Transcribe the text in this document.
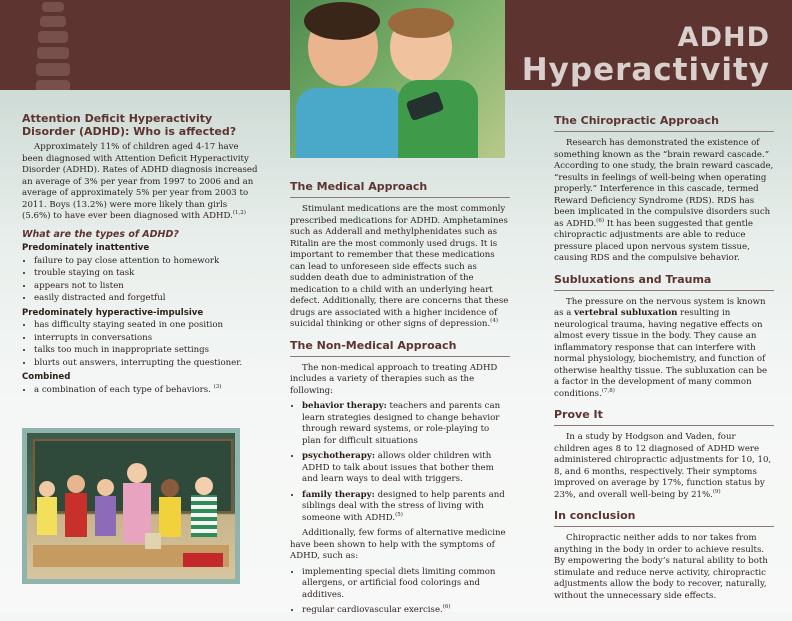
ADHD
Hyperactivity
Attention Deficit Hyperactivity Disorder (ADHD): Who is affected?

Approximately 11% of children aged 4-17 have been diagnosed with Attention Deficit Hyperactivity Disorder (ADHD). Rates of ADHD diagnosis increased an average of 3% per year from 1997 to 2006 and an average of approximately 5% per year from 2003 to 2011. Boys (13.2%) were more likely than girls (5.6%) to have ever been diagnosed with ADHD.$^{(1,2)}$

What are the types of ADHD?
Predominately inattentive
• failure to pay close attention to homework
• trouble staying on task
• appears not to listen
• easily distracted and forgetful
Predominately hyperactive-impulsive
• has difficulty staying seated in one position
• interrupts in conversations
• talks too much in inappropriate settings
• blurts out answers, interrupting the questioner.
Combined
• a combination of each type of behaviors. $^{(3)}$
The Medical Approach

Stimulant medications are the most commonly prescribed medications for ADHD. Amphetamines such as Adderall and methylphenidates such as Ritalin are the most commonly used drugs. It is important to remember that these medications can lead to unforeseen side effects such as sudden death due to administration of the medication to a child with an underlying heart defect. Additionally, there are concerns that these drugs are associated with a higher incidence of suicidal thinking or other signs of depression.$^{(4)}$

The Non-Medical Approach

The non-medical approach to treating ADHD includes a variety of therapies such as the following:

• behavior therapy: teachers and parents can learn strategies designed to change behavior through reward systems, or role-playing to plan for difficult situations
• psychotherapy: allows older children with ADHD to talk about issues that bother them and learn ways to deal with triggers.
• family therapy: designed to help parents and siblings deal with the stress of living with someone with ADHD.$^{(5)}$

Additionally, few forms of alternative medicine have been shown to help with the symptoms of ADHD, such as:

• implementing special diets limiting common allergens, or artificial food colorings and additives.
• regular cardiovascular exercise.$^{(6)}$
The Chiropractic Approach

Research has demonstrated the existence of something known as the “brain reward cascade.” According to one study, the brain reward cascade, “results in feelings of well-being when operating properly.” Interference in this cascade, termed Reward Deficiency Syndrome (RDS). RDS has been implicated in the compulsive disorders such as ADHD.$^{(6)}$ It has been suggested that gentle chiropractic adjustments are able to reduce pressure placed upon nervous system tissue, causing RDS and the compulsive behavior.

Subluxations and Trauma

The pressure on the nervous system is known as a vertebral subluxation resulting in neurological trauma, having negative effects on almost every tissue in the body. They cause an inflammatory response that can interfere with normal physiology, biochemistry, and function of otherwise healthy tissue. The subluxation can be a factor in the development of many common conditions.$^{(7,8)}$

Prove It

In a study by Hodgson and Vaden, four children ages 8 to 12 diagnosed of ADHD were administered chiropractic adjustments for 10, 10, 8, and 6 months, respectively. Their symptoms improved on average by 17%, function status by 23%, and overall well-being by 21%.$^{(9)}$

In conclusion

Chiropractic neither adds to nor takes from anything in the body in order to achieve results. By empowering the body’s natural ability to both stimulate and reduce nerve activity, chiropractic adjustments allow the body to recover, naturally, without the unnecessary side effects.
